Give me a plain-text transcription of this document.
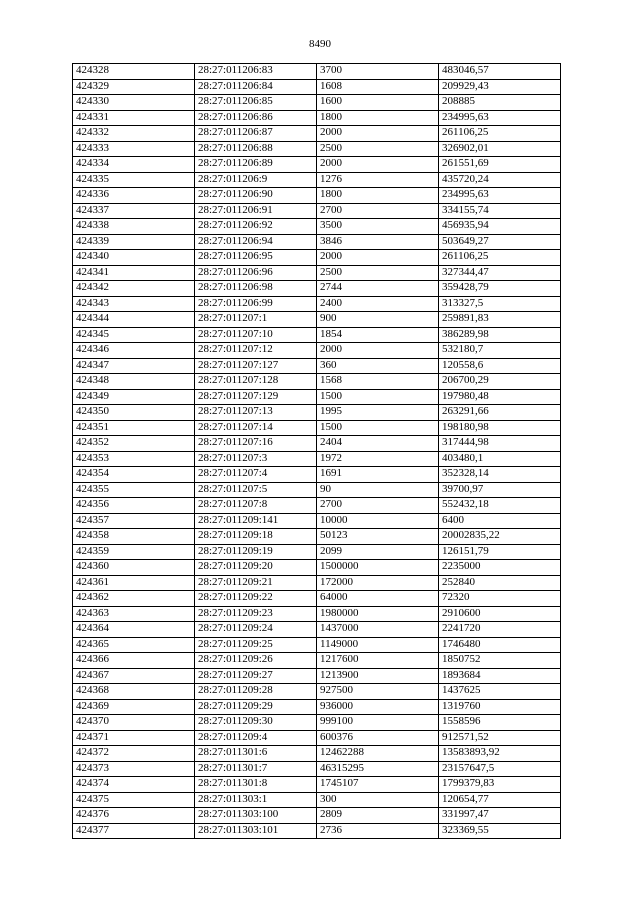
8490
424328	28:27:011206:83	3700	483046,57
424329	28:27:011206:84	1608	209929,43
424330	28:27:011206:85	1600	208885
424331	28:27:011206:86	1800	234995,63
424332	28:27:011206:87	2000	261106,25
424333	28:27:011206:88	2500	326902,01
424334	28:27:011206:89	2000	261551,69
424335	28:27:011206:9	1276	435720,24
424336	28:27:011206:90	1800	234995,63
424337	28:27:011206:91	2700	334155,74
424338	28:27:011206:92	3500	456935,94
424339	28:27:011206:94	3846	503649,27
424340	28:27:011206:95	2000	261106,25
424341	28:27:011206:96	2500	327344,47
424342	28:27:011206:98	2744	359428,79
424343	28:27:011206:99	2400	313327,5
424344	28:27:011207:1	900	259891,83
424345	28:27:011207:10	1854	386289,98
424346	28:27:011207:12	2000	532180,7
424347	28:27:011207:127	360	120558,6
424348	28:27:011207:128	1568	206700,29
424349	28:27:011207:129	1500	197980,48
424350	28:27:011207:13	1995	263291,66
424351	28:27:011207:14	1500	198180,98
424352	28:27:011207:16	2404	317444,98
424353	28:27:011207:3	1972	403480,1
424354	28:27:011207:4	1691	352328,14
424355	28:27:011207:5	90	39700,97
424356	28:27:011207:8	2700	552432,18
424357	28:27:011209:141	10000	6400
424358	28:27:011209:18	50123	20002835,22
424359	28:27:011209:19	2099	126151,79
424360	28:27:011209:20	1500000	2235000
424361	28:27:011209:21	172000	252840
424362	28:27:011209:22	64000	72320
424363	28:27:011209:23	1980000	2910600
424364	28:27:011209:24	1437000	2241720
424365	28:27:011209:25	1149000	1746480
424366	28:27:011209:26	1217600	1850752
424367	28:27:011209:27	1213900	1893684
424368	28:27:011209:28	927500	1437625
424369	28:27:011209:29	936000	1319760
424370	28:27:011209:30	999100	1558596
424371	28:27:011209:4	600376	912571,52
424372	28:27:011301:6	12462288	13583893,92
424373	28:27:011301:7	46315295	23157647,5
424374	28:27:011301:8	1745107	1799379,83
424375	28:27:011303:1	300	120654,77
424376	28:27:011303:100	2809	331997,47
424377	28:27:011303:101	2736	323369,55
